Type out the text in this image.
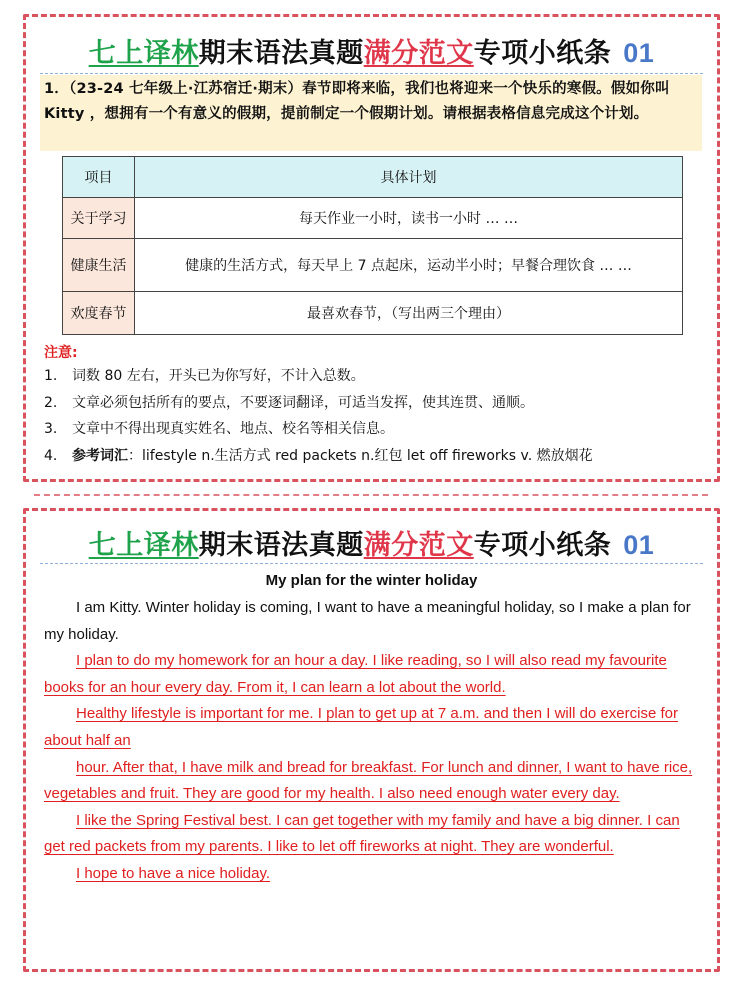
七上译林期末语法真题满分范文专项小纸条 01
1．（23-24 七年级上·江苏宿迁·期末）春节即将来临，我们也将迎来一个快乐的寒假。假如你叫 Kitty ，想拥有一个有意义的假期，提前制定一个假期计划。请根据表格信息完成这个计划。
项目	具体计划
关于学习	每天作业一小时，读书一小时 … …
健康生活	健康的生活方式，每天早上 7 点起床，运动半小时；早餐合理饮食 … …
欢度春节	最喜欢春节，（写出两三个理由）
注意:
1. 词数 80 左右，开头已为你写好，不计入总数。
2. 文章必须包括所有的要点，不要逐词翻译，可适当发挥，使其连贯、通顺。
3. 文章中不得出现真实姓名、地点、校名等相关信息。
4. 参考词汇：lifestyle n.生活方式 red packets n.红包 let off fireworks v. 燃放烟花
七上译林期末语法真题满分范文专项小纸条 01
My plan for the winter holiday

I am Kitty. Winter holiday is coming, I want to have a meaningful holiday, so I make a plan for my holiday.

I plan to do my homework for an hour a day. I like reading, so I will also read my favourite books for an hour every day. From it, I can learn a lot about the world.

Healthy lifestyle is important for me. I plan to get up at 7 a.m. and then I will do exercise for about half an

hour. After that, I have milk and bread for breakfast. For lunch and dinner, I want to have rice, vegetables and fruit. They are good for my health. I also need enough water every day.

I like the Spring Festival best. I can get together with my family and have a big dinner. I can get red packets from my parents. I like to let off fireworks at night. They are wonderful.

I hope to have a nice holiday.
